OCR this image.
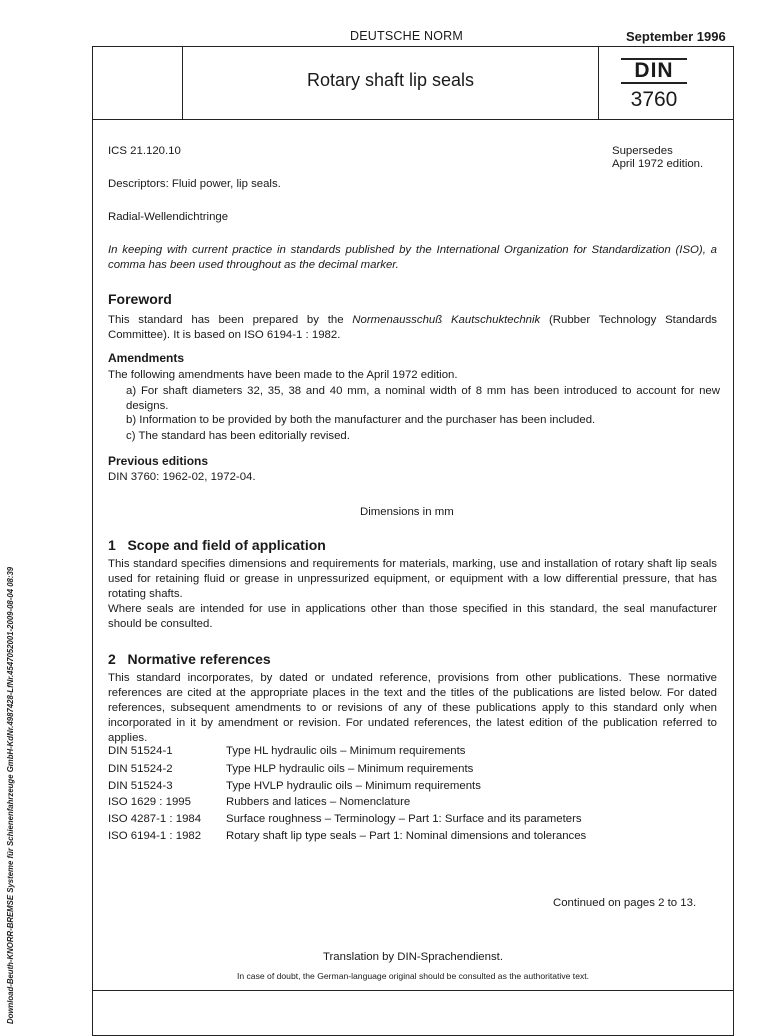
DEUTSCHE NORM	September 1996
Rotary shaft lip seals	DIN
3760
ICS 21.120.10	Supersedes
April 1972 edition.
Descriptors: Fluid power, lip seals.
Radial-Wellendichtringe
In keeping with current practice in standards published by the International Organization for Standardization (ISO), a comma has been used throughout as the decimal marker.
Foreword
This standard has been prepared by the Normenausschuß Kautschuktechnik (Rubber Technology Standards Committee). It is based on ISO 6194-1 : 1982.
Amendments
The following amendments have been made to the April 1972 edition.
a) For shaft diameters 32, 35, 38 and 40 mm, a nominal width of 8 mm has been introduced to account for new designs.
b) Information to be provided by both the manufacturer and the purchaser has been included.
c) The standard has been editorially revised.
Previous editions
DIN 3760: 1962-02, 1972-04.
Dimensions in mm
1   Scope and field of application
This standard specifies dimensions and requirements for materials, marking, use and installation of rotary shaft lip seals used for retaining fluid or grease in unpressurized equipment, or equipment with a low differential pressure, that has rotating shafts.
Where seals are intended for use in applications other than those specified in this standard, the seal manufacturer should be consulted.
2   Normative references
This standard incorporates, by dated or undated reference, provisions from other publications. These normative references are cited at the appropriate places in the text and the titles of the publications are listed below. For dated references, subsequent amendments to or revisions of any of these publications apply to this standard only when incorporated in it by amendment or revision. For undated references, the latest edition of the publication referred to applies.
DIN 51524-1	Type HL hydraulic oils – Minimum requirements
DIN 51524-2	Type HLP hydraulic oils – Minimum requirements
DIN 51524-3	Type HVLP hydraulic oils – Minimum requirements
ISO 1629 : 1995	Rubbers and latices – Nomenclature
ISO 4287-1 : 1984 Surface roughness – Terminology – Part 1: Surface and its parameters
ISO 6194-1 : 1982 Rotary shaft lip type seals – Part 1: Nominal dimensions and tolerances
Continued on pages 2 to 13.
Translation by DIN-Sprachendienst.
In case of doubt, the German-language original should be consulted as the authoritative text.
Download-Beuth-KNORR-BREMSE Systeme für Schienenfahrzeuge GmbH-KdNr.4987428-LfNr.4547052001-2009-08-04 08:39
